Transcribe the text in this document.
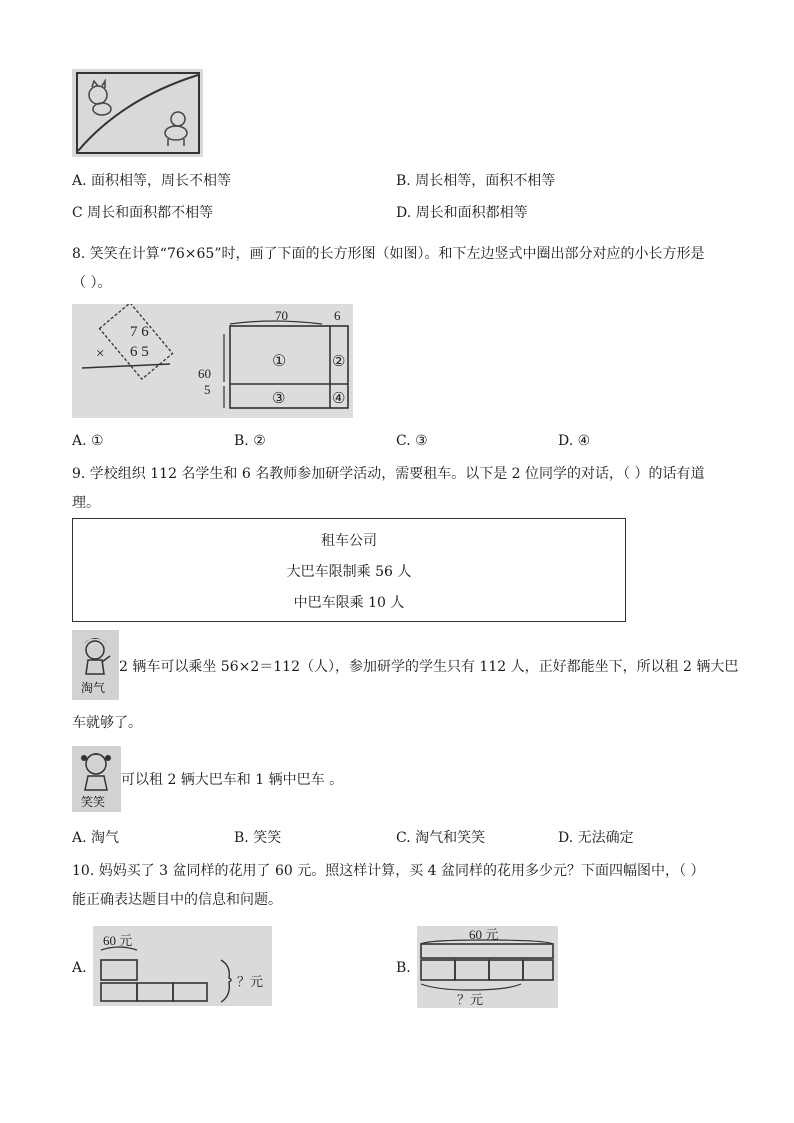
A. 面积相等，周长不相等	B. 周长相等，面积不相等
C 周长和面积都不相等	D. 周长和面积都相等
8. 笑笑在计算“76×65”时，画了下面的长方形图（如图）。和下左边竖式中圈出部分对应的小长方形是
（ ）。
7 6
× 6 5
70	6
60
5
①	②
③	④
A. ①	B. ②	C. ③	D. ④
9. 学校组织 112 名学生和 6 名教师参加研学活动，需要租车。以下是 2 位同学的对话，（ ）的话有道
理。
租车公司
大巴车限制乘 56 人
中巴车限乘 10 人
淘气
2 辆车可以乘坐 56×2＝112（人），参加研学的学生只有 112 人，正好都能坐下，所以租 2 辆大巴
车就够了。
笑笑
可以租 2 辆大巴车和 1 辆中巴车 。
A. 淘气	B. 笑笑	C. 淘气和笑笑	D. 无法确定
10. 妈妈买了 3 盆同样的花用了 60 元。照这样计算，买 4 盆同样的花用多少元？下面四幅图中，（ ）
能正确表达题目中的信息和问题。
A.
60 元
？元
B.
60 元
？元
